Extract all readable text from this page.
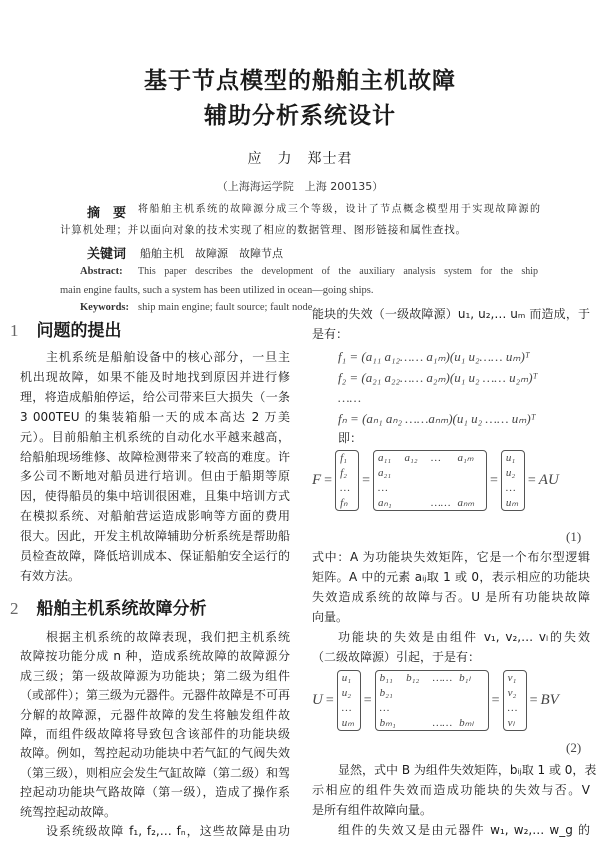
基于节点模型的船舶主机故障
辅助分析系统设计
应　力　郑士君
（上海海运学院　上海 200135）
摘　要 将船舶主机系统的故障源分成三个等级，设计了节点概念模型用于实现故障源的
计算机处理；并以面向对象的技术实现了相应的数据管理、图形链接和属性查找。
关键词 船舶主机　故障源　故障节点
Abstract: This paper describes the development of the auxiliary analysis system for the ship
main engine faults, such a system has been utilized in ocean—going ships.
Keywords: ship main engine; fault source; fault node
1 问题的提出
主机系统是船舶设备中的核心部分，一旦主
机出现故障，如果不能及时地找到原因并进行修
理，将造成船舶停运，给公司带来巨大损失（一条
3 000TEU 的集装箱船一天的成本高达 2 万美
元）。目前船舶主机系统的自动化水平越来越高，
给船舶现场维修、故障检测带来了较高的难度。许
多公司不断地对船员进行培训。但由于船期等原
因，使得船员的集中培训很困难，且集中培训方式
在模拟系统、对船舶营运造成影响等方面的费用
很大。因此，开发主机故障辅助分析系统是帮助船
员检查故障，降低培训成本、保证船舶安全运行的
有效方法。
2 船舶主机系统故障分析
根据主机系统的故障表现，我们把主机系统
故障按功能分成 n 种，造成系统故障的故障源分
成三级；第一级故障源为功能块；第二级为组件
（或部件）；第三级为元器件。元器件故障是不可再
分解的故障源，元器件故障的发生将触发组件故
障，而组件级故障将导致包含该部件的功能块级
故障。例如，驾控起动功能块中若气缸的气阀失效
（第三级），则相应会发生气缸故障（第二级）和驾
控起动功能块气路故障（第一级），造成了操作系
统驾控起动故障。
设系统级故障 f₁, f₂,… fₙ，这些故障是由功
能块的失效（一级故障源）u₁, u₂,… uₘ 而造成，于
是有：
f₁ = (a₁₁ a₁₂…… a₁ₘ)(u₁ u₂…… uₘ)ᵀ
f₂ = (a₂₁ a₂₂…… a₂ₘ)(u₁ u₂ …… u₂ₘ)ᵀ
……
fₙ = (aₙ₁ aₙ₂ ……aₙₘ)(u₁ u₂ …… uₘ)ᵀ
即：
F =
f₁
f₂
…
fₙ
=
a₁₁	a₁₂	…	a₁ₘ
a₂₁
…
aₙ₁	…… aₙₘ
=
u₁
u₂
…
uₘ
= AU
(1)
式中：A 为功能块失效矩阵，它是一个布尔型逻辑
矩阵。A 中的元素 aᵢⱼ取 1 或 0，表示相应的功能块
失效造成系统的故障与否。U 是所有功能块故障
向量。
功能块的失效是由组件 v₁, v₂,… vₗ的失效
（二级故障源）引起，于是有：
U =
u₁
u₂
…
uₘ
=
b₁₁	b₁₂	…… b₁ₗ
b₂₁
…
bₘ₁	…… bₘₗ
=
v₁
v₂
…
vₗ
= BV
(2)
显然，式中 B 为组件失效矩阵，bᵢⱼ取 1 或 0，表
示相应的组件失效而造成功能块的失效与否。V
是所有组件故障向量。
组件的失效又是由元器件 w₁, w₂,… w_g 的
